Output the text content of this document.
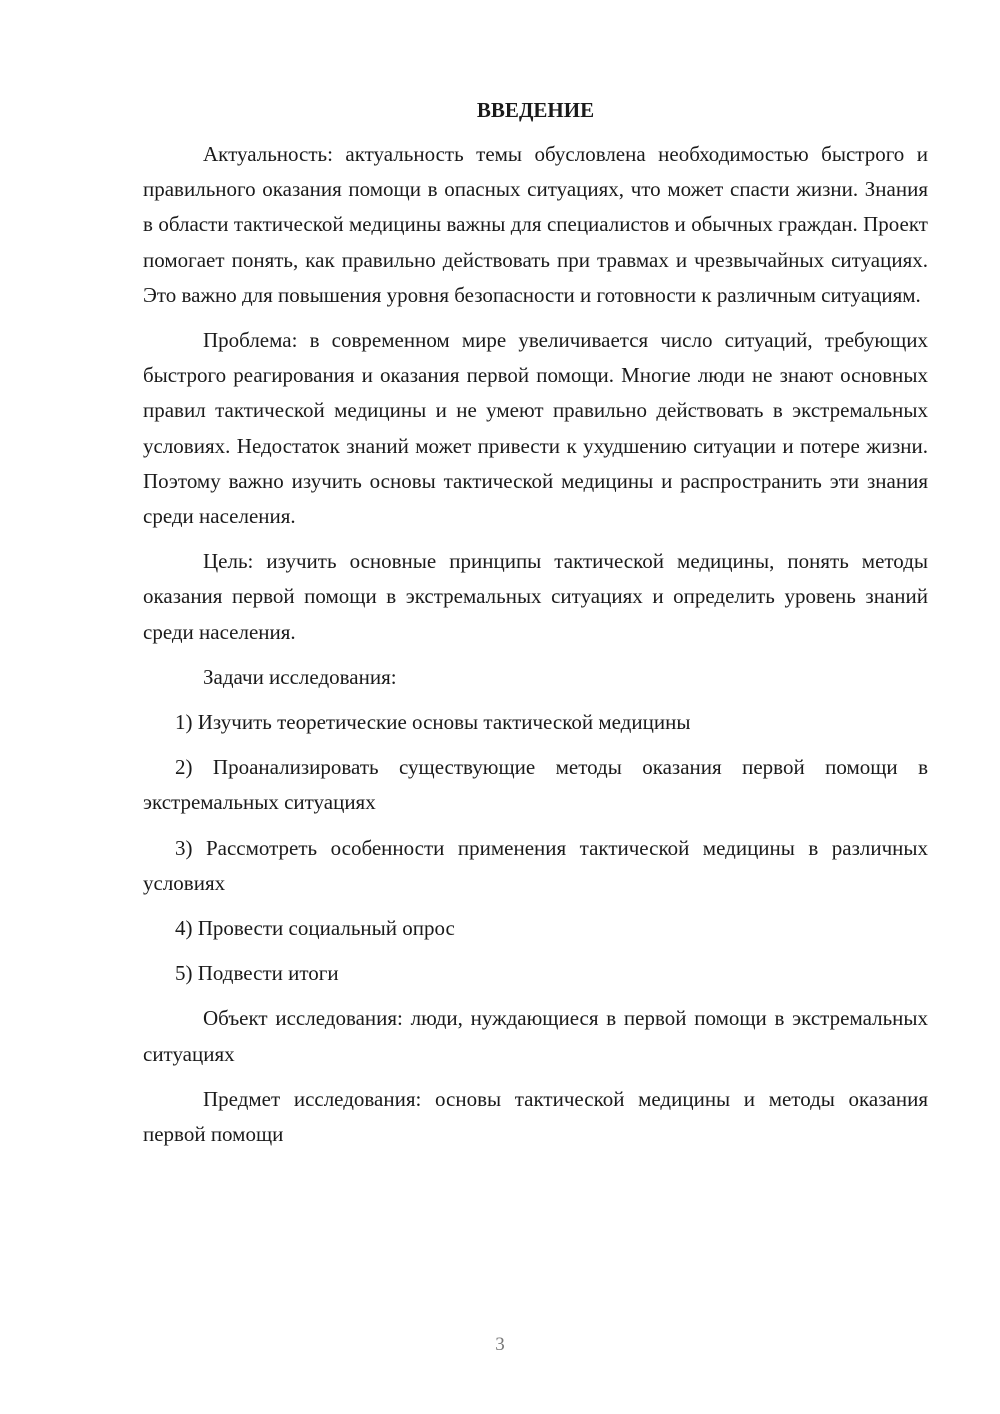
ВВЕДЕНИЕ

Актуальность: актуальность темы обусловлена необходимостью быстрого и правильного оказания помощи в опасных ситуациях, что может спасти жизни. Знания в области тактической медицины важны для специалистов и обычных граждан. Проект помогает понять, как правильно действовать при травмах и чрезвычайных ситуациях. Это важно для повышения уровня безопасности и готовности к различным ситуациям.

Проблема: в современном мире увеличивается число ситуаций, требующих быстрого реагирования и оказания первой помощи. Многие люди не знают основных правил тактической медицины и не умеют правильно действовать в экстремальных условиях. Недостаток знаний может привести к ухудшению ситуации и потере жизни. Поэтому важно изучить основы тактической медицины и распространить эти знания среди населения.

Цель: изучить основные принципы тактической медицины, понять методы оказания первой помощи в экстремальных ситуациях и определить уровень знаний среди населения.

Задачи исследования:

1) Изучить теоретические основы тактической медицины

2) Проанализировать существующие методы оказания первой помощи в экстремальных ситуациях

3) Рассмотреть особенности применения тактической медицины в различных условиях

4) Провести социальный опрос

5) Подвести итоги

Объект исследования: люди, нуждающиеся в первой помощи в экстремальных ситуациях

Предмет исследования: основы тактической медицины и методы оказания первой помощи

3
